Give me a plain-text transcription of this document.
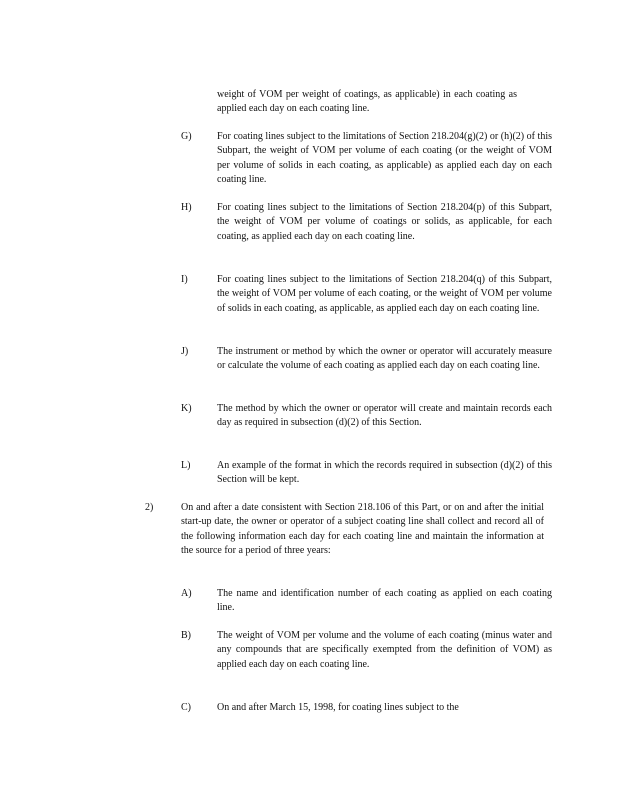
weight of VOM per weight of coatings, as applicable) in each coating as applied each day on each coating line.
G)	For coating lines subject to the limitations of Section 218.204(g)(2) or (h)(2) of this Subpart, the weight of VOM per volume of each coating (or the weight of VOM per volume of solids in each coating, as applicable) as applied each day on each coating line.
H)	For coating lines subject to the limitations of Section 218.204(p) of this Subpart, the weight of VOM per volume of coatings or solids, as applicable, for each coating, as applied each day on each coating line.
I)	For coating lines subject to the limitations of Section 218.204(q) of this Subpart, the weight of VOM per volume of each coating, or the weight of VOM per volume of solids in each coating, as applicable, as applied each day on each coating line.
J)	The instrument or method by which the owner or operator will accurately measure or calculate the volume of each coating as applied each day on each coating line.
K)	The method by which the owner or operator will create and maintain records each day as required in subsection (d)(2) of this Section.
L)	An example of the format in which the records required in subsection (d)(2) of this Section will be kept.
2)	On and after a date consistent with Section 218.106 of this Part, or on and after the initial start-up date, the owner or operator of a subject coating line shall collect and record all of the following information each day for each coating line and maintain the information at the source for a period of three years:
A)	The name and identification number of each coating as applied on each coating line.
B)	The weight of VOM per volume and the volume of each coating (minus water and any compounds that are specifically exempted from the definition of VOM) as applied each day on each coating line.
C)	On and after March 15, 1998, for coating lines subject to the
